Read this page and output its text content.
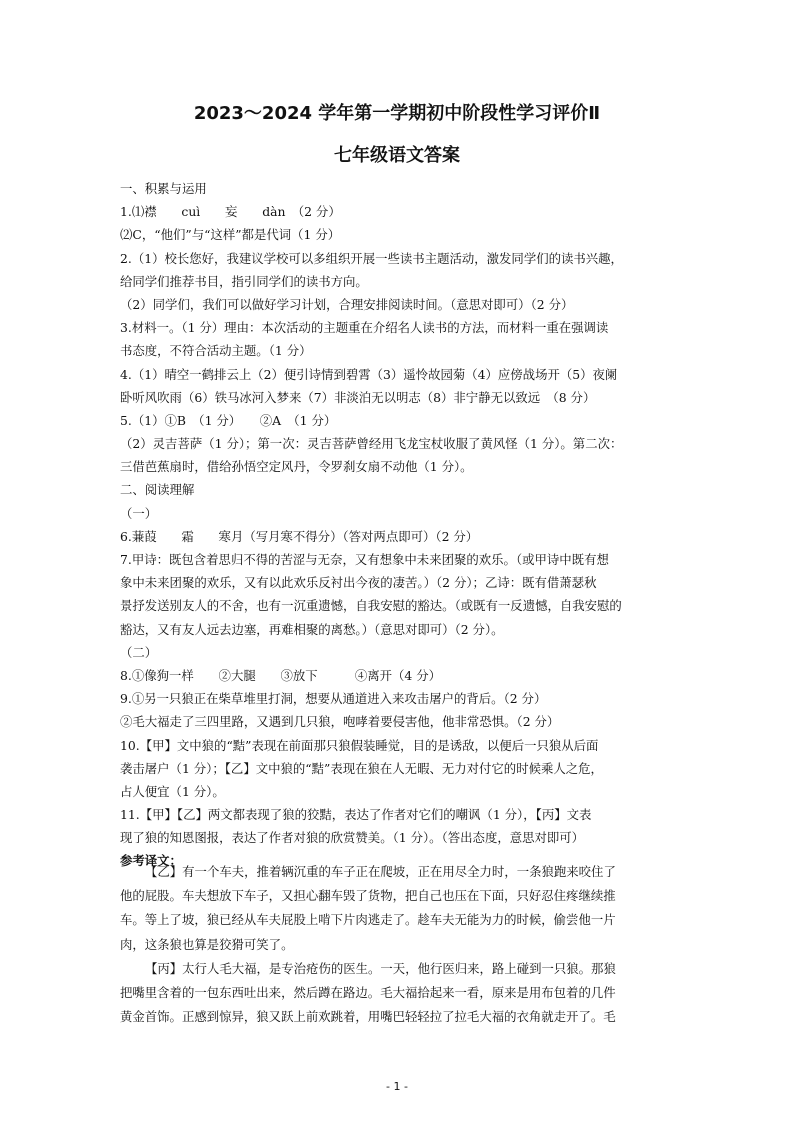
2023～2024 学年第一学期初中阶段性学习评价Ⅱ
七年级语文答案
一、积累与运用
1.⑴襟　　cuì　　妄　　dàn　（2 分）
⑵C，“他们”与“这样”都是代词（1 分）
2.（1）校长您好，我建议学校可以多组织开展一些读书主题活动，激发同学们的读书兴趣，
给同学们推荐书目，指引同学们的读书方向。
（2）同学们，我们可以做好学习计划，合理安排阅读时间。（意思对即可）（2 分）
3.材料一。（1 分）理由：本次活动的主题重在介绍名人读书的方法，而材料一重在强调读
书态度，不符合活动主题。（1 分）
4.（1）晴空一鹤排云上（2）便引诗情到碧霄（3）遥怜故园菊（4）应傍战场开（5）夜阑
卧听风吹雨（6）铁马冰河入梦来（7）非淡泊无以明志（8）非宁静无以致远　（8 分）
5.（1）①B　（1 分）　　②A　（1 分）
（2）灵吉菩萨（1 分）；第一次：灵吉菩萨曾经用飞龙宝杖收服了黄风怪（1 分）。第二次：
三借芭蕉扇时，借给孙悟空定风丹，令罗刹女扇不动他（1 分）。
二、阅读理解
（一）
6.蒹葭　　霜　　寒月（写月寒不得分）（答对两点即可）（2 分）
7.甲诗：既包含着思归不得的苦涩与无奈，又有想象中未来团聚的欢乐。（或甲诗中既有想
象中未来团聚的欢乐，又有以此欢乐反衬出今夜的凄苦。）（2 分）；乙诗：既有借萧瑟秋
景抒发送别友人的不舍，也有一沉重遗憾，自我安慰的豁达。（或既有一反遗憾，自我安慰的
豁达，又有友人远去边塞，再难相聚的离愁。）（意思对即可）（2 分）。
（二）
8.①像狗一样　　②大腿　　③放下　　　④离开（4 分）
9.①另一只狼正在柴草堆里打洞，想要从通道进入来攻击屠户的背后。（2 分）
②毛大福走了三四里路，又遇到几只狼，咆哮着要侵害他，他非常恐惧。（2 分）
10.【甲】文中狼的“黠”表现在前面那只狼假装睡觉，目的是诱敌，以便后一只狼从后面
袭击屠户（1 分）；【乙】文中狼的“黠”表现在狼在人无暇、无力对付它的时候乘人之危，
占人便宜（1 分）。
11.【甲】【乙】两文都表现了狼的狡黠，表达了作者对它们的嘲讽（1 分），【丙】文表
现了狼的知恩图报，表达了作者对狼的欣赏赞美。（1 分）。（答出态度，意思对即可）
参考译文：
【乙】有一个车夫，推着辆沉重的车子正在爬坡，正在用尽全力时，一条狼跑来咬住了
他的屁股。车夫想放下车子，又担心翻车毁了货物，把自己也压在下面，只好忍住疼继续推
车。等上了坡，狼已经从车夫屁股上啃下片肉逃走了。趁车夫无能为力的时候，偷尝他一片
肉，这条狼也算是狡猾可笑了。
【丙】太行人毛大福，是专治疮伤的医生。一天，他行医归来，路上碰到一只狼。那狼
把嘴里含着的一包东西吐出来，然后蹲在路边。毛大福拾起来一看，原来是用布包着的几件
黄金首饰。正感到惊异，狼又跃上前欢跳着，用嘴巴轻轻拉了拉毛大福的衣角就走开了。毛
- 1 -
